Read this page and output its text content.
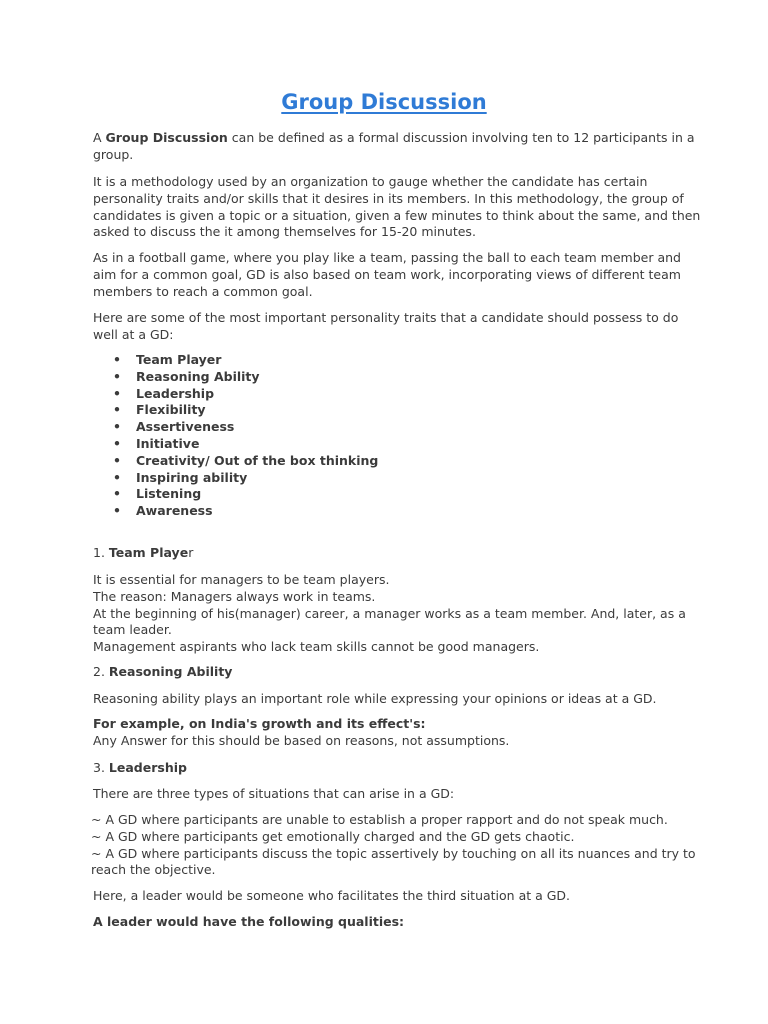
Group Discussion
A Group Discussion can be defined as a formal discussion involving ten to 12 participants in a
group.
It is a methodology used by an organization to gauge whether the candidate has certain
personality traits and/or skills that it desires in its members. In this methodology, the group of
candidates is given a topic or a situation, given a few minutes to think about the same, and then
asked to discuss the it among themselves for 15-20 minutes.
As in a football game, where you play like a team, passing the ball to each team member and
aim for a common goal, GD is also based on team work, incorporating views of different team
members to reach a common goal.
Here are some of the most important personality traits that a candidate should possess to do
well at a GD:
• Team Player
• Reasoning Ability
• Leadership
• Flexibility
• Assertiveness
• Initiative
• Creativity/ Out of the box thinking
• Inspiring ability
• Listening
• Awareness
1. Team Player
It is essential for managers to be team players.
The reason: Managers always work in teams.
At the beginning of his(manager) career, a manager works as a team member. And, later, as a
team leader.
Management aspirants who lack team skills cannot be good managers.
2. Reasoning Ability
Reasoning ability plays an important role while expressing your opinions or ideas at a GD.
For example, on India's growth and its effect's:
Any Answer for this should be based on reasons, not assumptions.
3. Leadership
There are three types of situations that can arise in a GD:
~ A GD where participants are unable to establish a proper rapport and do not speak much.
~ A GD where participants get emotionally charged and the GD gets chaotic.
~ A GD where participants discuss the topic assertively by touching on all its nuances and try to
reach the objective.
Here, a leader would be someone who facilitates the third situation at a GD.
A leader would have the following qualities:
